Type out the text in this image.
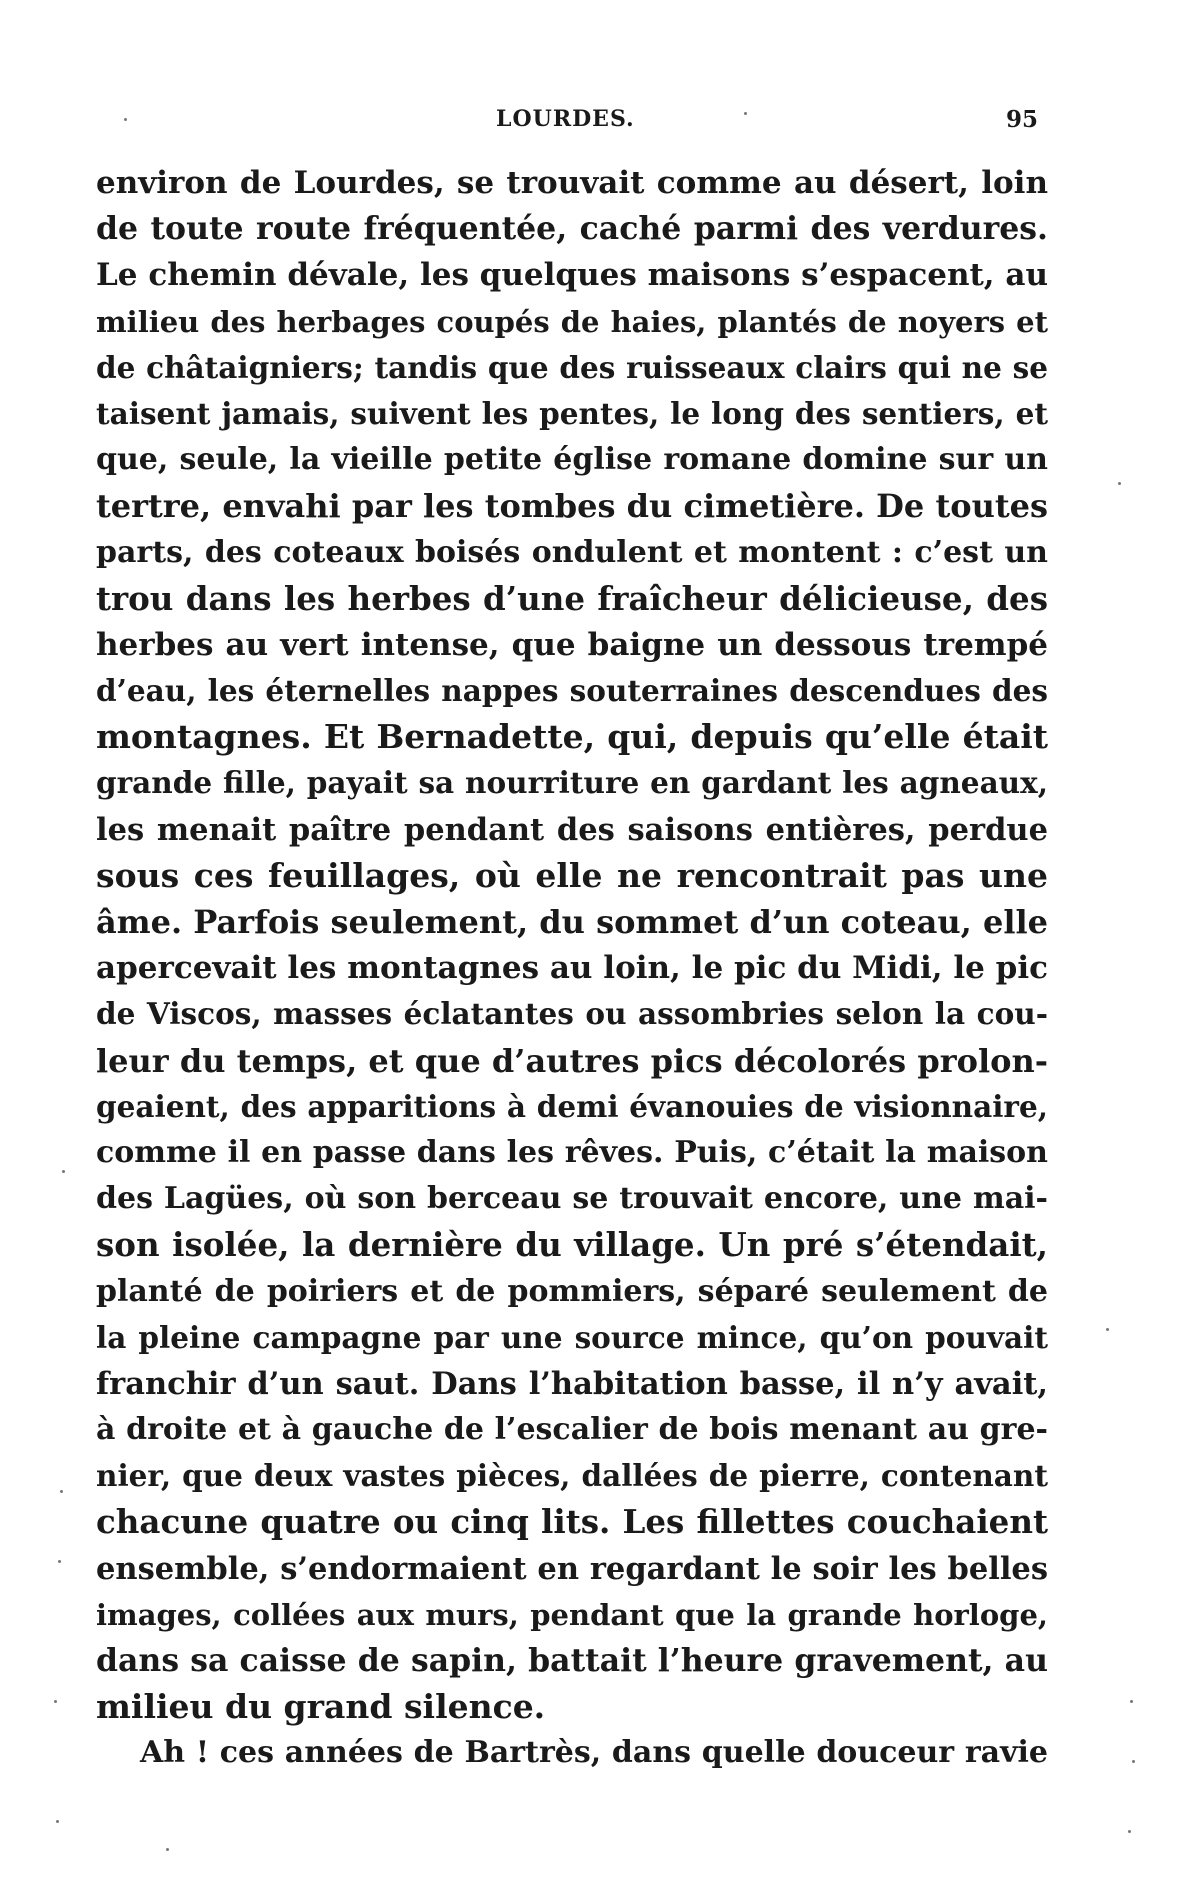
LOURDES.	95
environ de Lourdes, se trouvait comme au désert, loin
de toute route fréquentée, caché parmi des verdures.
Le chemin dévale, les quelques maisons s’espacent, au
milieu des herbages coupés de haies, plantés de noyers et
de châtaigniers; tandis que des ruisseaux clairs qui ne se
taisent jamais, suivent les pentes, le long des sentiers, et
que, seule, la vieille petite église romane domine sur un
tertre, envahi par les tombes du cimetière. De toutes
parts, des coteaux boisés ondulent et montent : c’est un
trou dans les herbes d’une fraîcheur délicieuse, des
herbes au vert intense, que baigne un dessous trempé
d’eau, les éternelles nappes souterraines descendues des
montagnes. Et Bernadette, qui, depuis qu’elle était
grande fille, payait sa nourriture en gardant les agneaux,
les menait paître pendant des saisons entières, perdue
sous ces feuillages, où elle ne rencontrait pas une
âme. Parfois seulement, du sommet d’un coteau, elle
apercevait les montagnes au loin, le pic du Midi, le pic
de Viscos, masses éclatantes ou assombries selon la cou-
leur du temps, et que d’autres pics décolorés prolon-
geaient, des apparitions à demi évanouies de visionnaire,
comme il en passe dans les rêves. Puis, c’était la maison
des Lagües, où son berceau se trouvait encore, une mai-
son isolée, la dernière du village. Un pré s’étendait,
planté de poiriers et de pommiers, séparé seulement de
la pleine campagne par une source mince, qu’on pouvait
franchir d’un saut. Dans l’habitation basse, il n’y avait,
à droite et à gauche de l’escalier de bois menant au gre-
nier, que deux vastes pièces, dallées de pierre, contenant
chacune quatre ou cinq lits. Les fillettes couchaient
ensemble, s’endormaient en regardant le soir les belles
images, collées aux murs, pendant que la grande horloge,
dans sa caisse de sapin, battait l’heure gravement, au
milieu du grand silence.
Ah ! ces années de Bartrès, dans quelle douceur ravie
